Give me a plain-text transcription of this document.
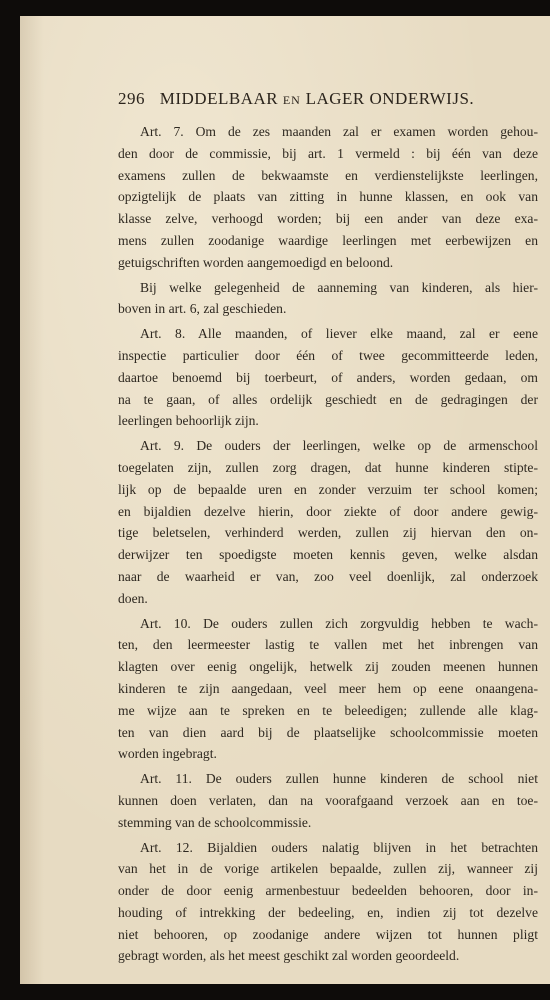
296 MIDDELBAAR EN LAGER ONDERWIJS.
Art. 7. Om de zes maanden zal er examen worden gehou-
den door de commissie, bij art. 1 vermeld : bij één van deze
examens zullen de bekwaamste en verdienstelijkste leerlingen,
opzigtelijk de plaats van zitting in hunne klassen, en ook van
klasse zelve, verhoogd worden; bij een ander van deze exa-
mens zullen zoodanige waardige leerlingen met eerbewijzen en
getuigschriften worden aangemoedigd en beloond.
Bij welke gelegenheid de aanneming van kinderen, als hier-
boven in art. 6, zal geschieden.
Art. 8. Alle maanden, of liever elke maand, zal er eene
inspectie particulier door één of twee gecommitteerde leden,
daartoe benoemd bij toerbeurt, of anders, worden gedaan, om
na te gaan, of alles ordelijk geschiedt en de gedragingen der
leerlingen behoorlijk zijn.
Art. 9. De ouders der leerlingen, welke op de armenschool
toegelaten zijn, zullen zorg dragen, dat hunne kinderen stipte-
lijk op de bepaalde uren en zonder verzuim ter school komen;
en bijaldien dezelve hierin, door ziekte of door andere gewig-
tige beletselen, verhinderd werden, zullen zij hiervan den on-
derwijzer ten spoedigste moeten kennis geven, welke alsdan
naar de waarheid er van, zoo veel doenlijk, zal onderzoek
doen.
Art. 10. De ouders zullen zich zorgvuldig hebben te wach-
ten, den leermeester lastig te vallen met het inbrengen van
klagten over eenig ongelijk, hetwelk zij zouden meenen hunnen
kinderen te zijn aangedaan, veel meer hem op eene onaangena-
me wijze aan te spreken en te beleedigen; zullende alle klag-
ten van dien aard bij de plaatselijke schoolcommissie moeten
worden ingebragt.
Art. 11. De ouders zullen hunne kinderen de school niet
kunnen doen verlaten, dan na voorafgaand verzoek aan en toe-
stemming van de schoolcommissie.
Art. 12. Bijaldien ouders nalatig blijven in het betrachten
van het in de vorige artikelen bepaalde, zullen zij, wanneer zij
onder de door eenig armenbestuur bedeelden behooren, door in-
houding of intrekking der bedeeling, en, indien zij tot dezelve
niet behooren, op zoodanige andere wijzen tot hunnen pligt
gebragt worden, als het meest geschikt zal worden geoordeeld.
